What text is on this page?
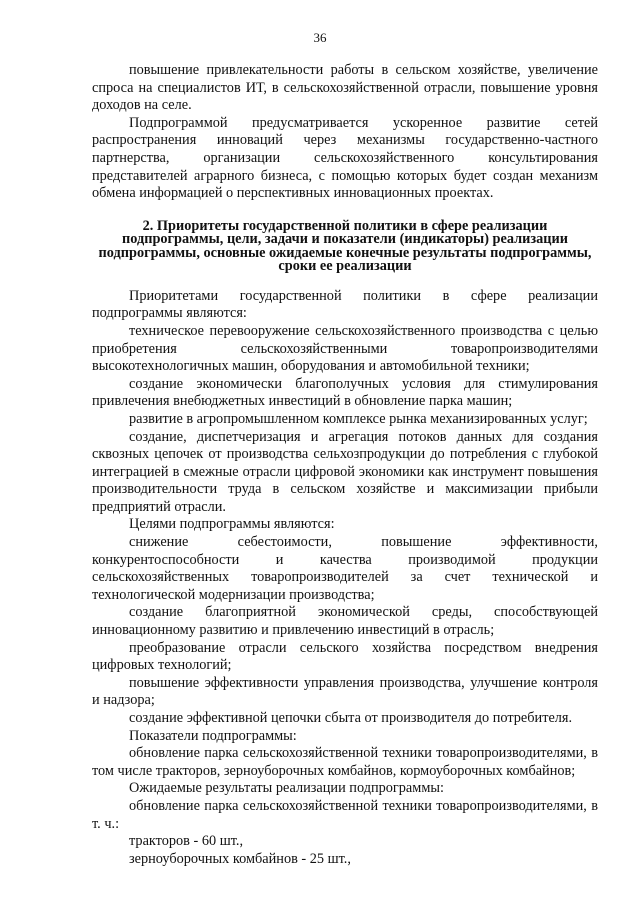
36

повышение привлекательности работы в сельском хозяйстве, увеличение спроса на специалистов ИТ, в сельскохозяйственной отрасли, повышение уровня доходов на селе.

Подпрограммой предусматривается ускоренное развитие сетей распространения инноваций через механизмы государственно-частного партнерства, организации сельскохозяйственного консультирования представителей аграрного бизнеса, с помощью которых будет создан механизм обмена информацией о перспективных инновационных проектах.

2. Приоритеты государственной политики в сфере реализации подпрограммы, цели, задачи и показатели (индикаторы) реализации подпрограммы, основные ожидаемые конечные результаты подпрограммы, сроки ее реализации

Приоритетами государственной политики в сфере реализации подпрограммы являются:

техническое перевооружение сельскохозяйственного производства с целью приобретения сельскохозяйственными товаропроизводителями высокотехнологичных машин, оборудования и автомобильной техники;

создание экономически благополучных условия для стимулирования привлечения внебюджетных инвестиций в обновление парка машин;

развитие в агропромышленном комплексе рынка механизированных услуг;

создание, диспетчеризация и агрегация потоков данных для создания сквозных цепочек от производства сельхозпродукции до потребления с глубокой интеграцией в смежные отрасли цифровой экономики как инструмент повышения производительности труда в сельском хозяйстве и максимизации прибыли предприятий отрасли.

Целями подпрограммы являются:

снижение себестоимости, повышение эффективности, конкурентоспособности и качества производимой продукции сельскохозяйственных товаропроизводителей за счет технической и технологической модернизации производства;

создание благоприятной экономической среды, способствующей инновационному развитию и привлечению инвестиций в отрасль;

преобразование отрасли сельского хозяйства посредством внедрения цифровых технологий;

повышение эффективности управления производства, улучшение контроля и надзора;

создание эффективной цепочки сбыта от производителя до потребителя.

Показатели подпрограммы:

обновление парка сельскохозяйственной техники товаропроизводителями, в том числе тракторов, зерноуборочных комбайнов, кормоуборочных комбайнов;

Ожидаемые результаты реализации подпрограммы:

обновление парка сельскохозяйственной техники товаропроизводителями, в т. ч.:

тракторов - 60 шт.,

зерноуборочных комбайнов - 25 шт.,
